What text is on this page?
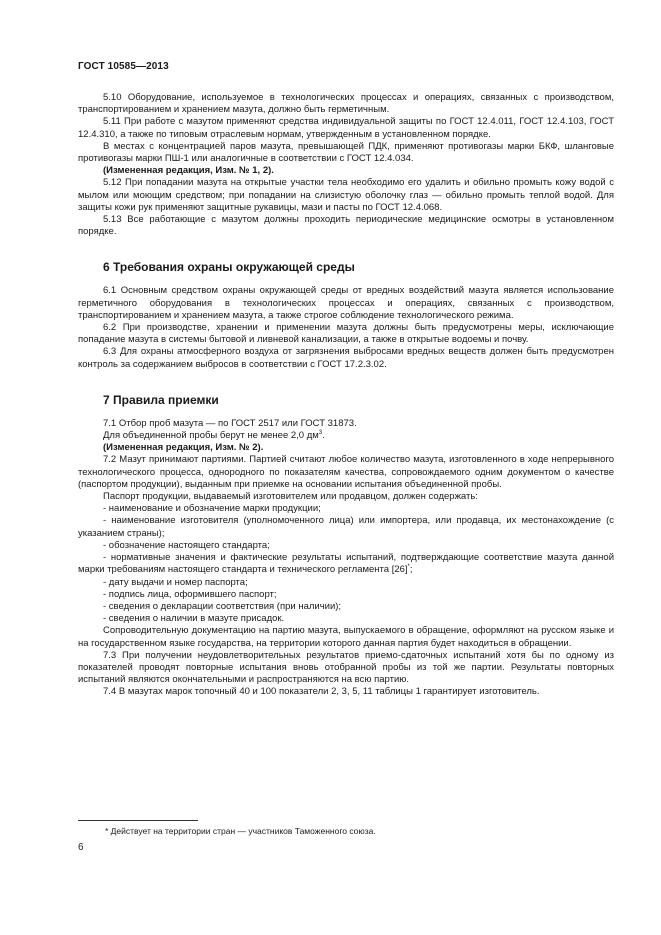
ГОСТ 10585—2013

5.10 Оборудование, используемое в технологических процессах и операциях, связанных с производством, транспортированием и хранением мазута, должно быть герметичным.

5.11 При работе с мазутом применяют средства индивидуальной защиты по ГОСТ 12.4.011, ГОСТ 12.4.103, ГОСТ 12.4.310, а также по типовым отраслевым нормам, утвержденным в установленном порядке.

В местах с концентрацией паров мазута, превышающей ПДК, применяют противогазы марки БКФ, шланговые противогазы марки ПШ-1 или аналогичные в соответствии с ГОСТ 12.4.034.

(Измененная редакция, Изм. № 1, 2).

5.12 При попадании мазута на открытые участки тела необходимо его удалить и обильно промыть кожу водой с мылом или моющим средством; при попадании на слизистую оболочку глаз — обильно промыть теплой водой. Для защиты кожи рук применяют защитные рукавицы, мази и пасты по ГОСТ 12.4.068.

5.13 Все работающие с мазутом должны проходить периодические медицинские осмотры в установленном порядке.

6 Требования охраны окружающей среды

6.1 Основным средством охраны окружающей среды от вредных воздействий мазута является использование герметичного оборудования в технологических процессах и операциях, связанных с производством, транспортированием и хранением мазута, а также строгое соблюдение технологического режима.

6.2 При производстве, хранении и применении мазута должны быть предусмотрены меры, исключающие попадание мазута в системы бытовой и ливневой канализации, а также в открытые водоемы и почву.

6.3 Для охраны атмосферного воздуха от загрязнения выбросами вредных веществ должен быть предусмотрен контроль за содержанием выбросов в соответствии с ГОСТ 17.2.3.02.

7 Правила приемки

7.1 Отбор проб мазута — по ГОСТ 2517 или ГОСТ 31873.

Для объединенной пробы берут не менее 2,0 $дм^3$.

(Измененная редакция, Изм. № 2).

7.2 Мазут принимают партиями. Партией считают любое количество мазута, изготовленного в ходе непрерывного технологического процесса, однородного по показателям качества, сопровождаемого одним документом о качестве (паспортом продукции), выданным при приемке на основании испытания объединенной пробы.

Паспорт продукции, выдаваемый изготовителем или продавцом, должен содержать:

- наименование и обозначение марки продукции;

- наименование изготовителя (уполномоченного лица) или импортера, или продавца, их местонахождение (с указанием страны);

- обозначение настоящего стандарта;

- нормативные значения и фактические результаты испытаний, подтверждающие соответствие мазута данной марки требованиям настоящего стандарта и технического регламента [26]*;

- дату выдачи и номер паспорта;

- подпись лица, оформившего паспорт;

- сведения о декларации соответствия (при наличии);

- сведения о наличии в мазуте присадок.

Сопроводительную документацию на партию мазута, выпускаемого в обращение, оформляют на русском языке и на государственном языке государства, на территории которого данная партия будет находиться в обращении.

7.3 При получении неудовлетворительных результатов приемо-сдаточных испытаний хотя бы по одному из показателей проводят повторные испытания вновь отобранной пробы из той же партии. Результаты повторных испытаний являются окончательными и распространяются на всю партию.

7.4 В мазутах марок топочный 40 и 100 показатели 2, 3, 5, 11 таблицы 1 гарантирует изготовитель.

* Действует на территории стран — участников Таможенного союза.
6
